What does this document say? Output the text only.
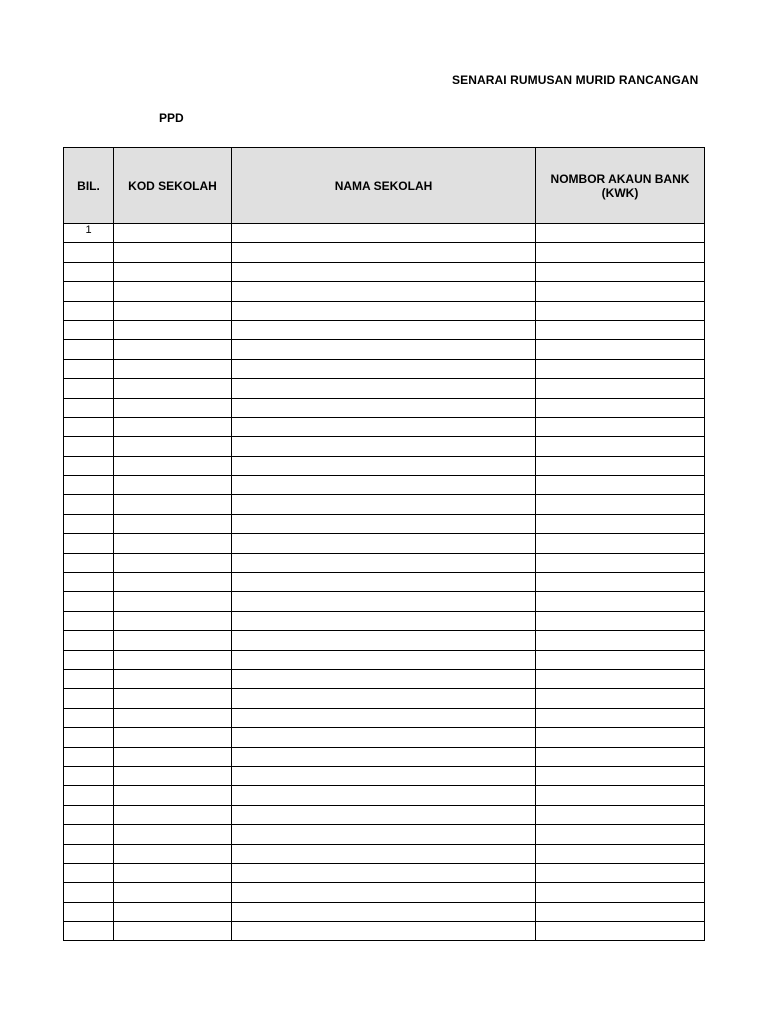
SENARAI RUMUSAN MURID RANCANGAN
PPD
BIL.	KOD SEKOLAH	NAMA SEKOLAH	NOMBOR AKAUN BANK
(KWK)
1			
